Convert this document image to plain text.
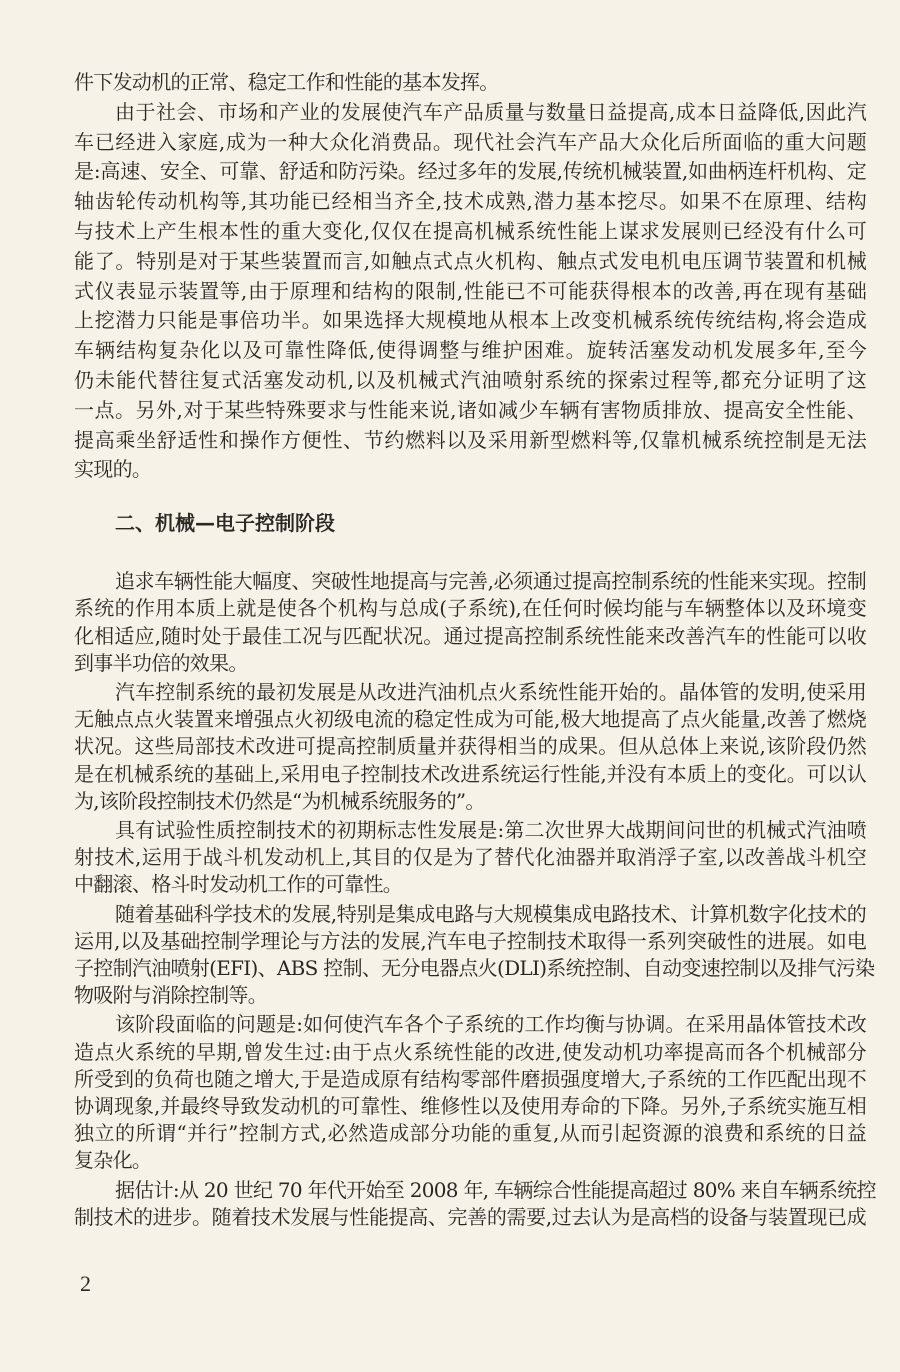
件下发动机的正常、稳定工作和性能的基本发挥。
由于社会、市场和产业的发展使汽车产品质量与数量日益提高,成本日益降低,因此汽
车已经进入家庭,成为一种大众化消费品。现代社会汽车产品大众化后所面临的重大问题
是:高速、安全、可靠、舒适和防污染。经过多年的发展,传统机械装置,如曲柄连杆机构、定
轴齿轮传动机构等,其功能已经相当齐全,技术成熟,潜力基本挖尽。如果不在原理、结构
与技术上产生根本性的重大变化,仅仅在提高机械系统性能上谋求发展则已经没有什么可
能了。特别是对于某些装置而言,如触点式点火机构、触点式发电机电压调节装置和机械
式仪表显示装置等,由于原理和结构的限制,性能已不可能获得根本的改善,再在现有基础
上挖潜力只能是事倍功半。如果选择大规模地从根本上改变机械系统传统结构,将会造成
车辆结构复杂化以及可靠性降低,使得调整与维护困难。旋转活塞发动机发展多年,至今
仍未能代替往复式活塞发动机,以及机械式汽油喷射系统的探索过程等,都充分证明了这
一点。另外,对于某些特殊要求与性能来说,诸如减少车辆有害物质排放、提高安全性能、
提高乘坐舒适性和操作方便性、节约燃料以及采用新型燃料等,仅靠机械系统控制是无法
实现的。
二、机械—电子控制阶段
追求车辆性能大幅度、突破性地提高与完善,必须通过提高控制系统的性能来实现。控制
系统的作用本质上就是使各个机构与总成(子系统),在任何时候均能与车辆整体以及环境变
化相适应,随时处于最佳工况与匹配状况。通过提高控制系统性能来改善汽车的性能可以收
到事半功倍的效果。
汽车控制系统的最初发展是从改进汽油机点火系统性能开始的。晶体管的发明,使采用
无触点点火装置来增强点火初级电流的稳定性成为可能,极大地提高了点火能量,改善了燃烧
状况。这些局部技术改进可提高控制质量并获得相当的成果。但从总体上来说,该阶段仍然
是在机械系统的基础上,采用电子控制技术改进系统运行性能,并没有本质上的变化。可以认
为,该阶段控制技术仍然是“为机械系统服务的”。
具有试验性质控制技术的初期标志性发展是:第二次世界大战期间问世的机械式汽油喷
射技术,运用于战斗机发动机上,其目的仅是为了替代化油器并取消浮子室,以改善战斗机空
中翻滚、格斗时发动机工作的可靠性。
随着基础科学技术的发展,特别是集成电路与大规模集成电路技术、计算机数字化技术的
运用,以及基础控制学理论与方法的发展,汽车电子控制技术取得一系列突破性的进展。如电
子控制汽油喷射(EFI)、ABS 控制、无分电器点火(DLI)系统控制、自动变速控制以及排气污染
物吸附与消除控制等。
该阶段面临的问题是:如何使汽车各个子系统的工作均衡与协调。在采用晶体管技术改
造点火系统的早期,曾发生过:由于点火系统性能的改进,使发动机功率提高而各个机械部分
所受到的负荷也随之增大,于是造成原有结构零部件磨损强度增大,子系统的工作匹配出现不
协调现象,并最终导致发动机的可靠性、维修性以及使用寿命的下降。另外,子系统实施互相
独立的所谓“并行”控制方式,必然造成部分功能的重复,从而引起资源的浪费和系统的日益
复杂化。
据估计:从 20 世纪 70 年代开始至 2008 年, 车辆综合性能提高超过 80% 来自车辆系统控
制技术的进步。随着技术发展与性能提高、完善的需要,过去认为是高档的设备与装置现已成
2
